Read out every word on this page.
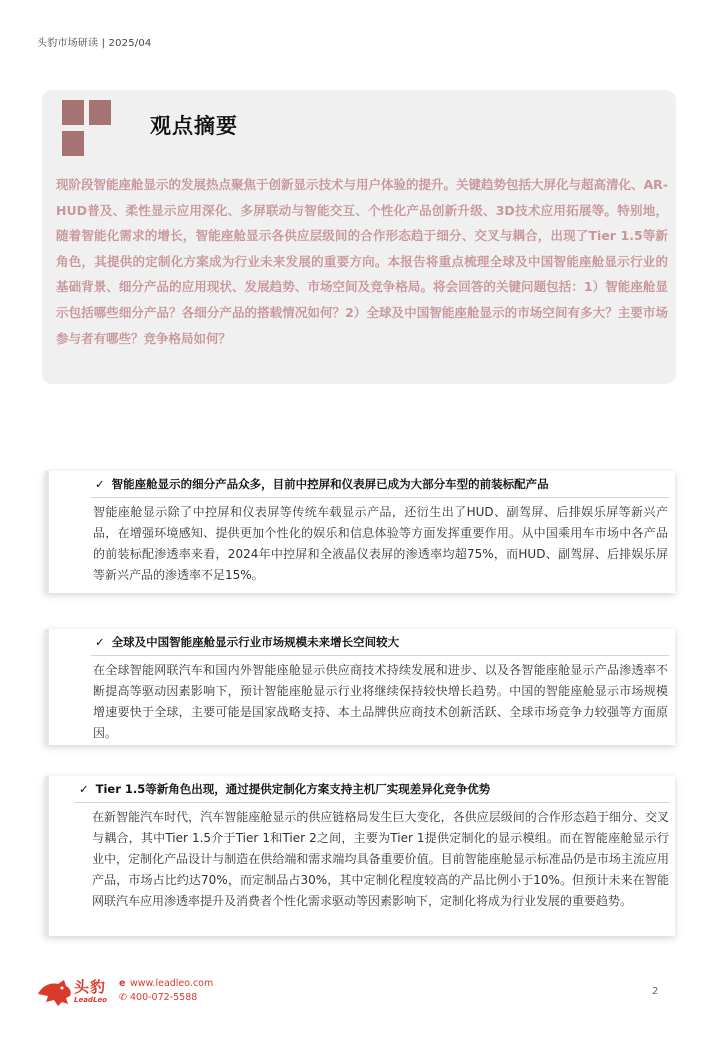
头豹市场研读 | 2025/04
观点摘要
现阶段智能座舱显示的发展热点聚焦于创新显示技术与用户体验的提升。关键趋势包括大屏化与超高清化、AR-HUD普及、柔性显示应用深化、多屏联动与智能交互、个性化产品创新升级、3D技术应用拓展等。特别地，随着智能化需求的增长，智能座舱显示各供应层级间的合作形态趋于细分、交叉与耦合，出现了Tier 1.5等新角色，其提供的定制化方案成为行业未来发展的重要方向。本报告将重点梳理全球及中国智能座舱显示行业的基础背景、细分产品的应用现状、发展趋势、市场空间及竞争格局。将会回答的关键问题包括：1）智能座舱显示包括哪些细分产品？各细分产品的搭载情况如何？2）全球及中国智能座舱显示的市场空间有多大？主要市场参与者有哪些？竞争格局如何？
✓ 智能座舱显示的细分产品众多，目前中控屏和仪表屏已成为大部分车型的前装标配产品
智能座舱显示除了中控屏和仪表屏等传统车载显示产品，还衍生出了HUD、副驾屏、后排娱乐屏等新兴产品，在增强环境感知、提供更加个性化的娱乐和信息体验等方面发挥重要作用。从中国乘用车市场中各产品的前装标配渗透率来看，2024年中控屏和全液晶仪表屏的渗透率均超75%，而HUD、副驾屏、后排娱乐屏等新兴产品的渗透率不足15%。
✓ 全球及中国智能座舱显示行业市场规模未来增长空间较大
在全球智能网联汽车和国内外智能座舱显示供应商技术持续发展和进步、以及各智能座舱显示产品渗透率不断提高等驱动因素影响下，预计智能座舱显示行业将继续保持较快增长趋势。中国的智能座舱显示市场规模增速要快于全球，主要可能是国家战略支持、本土品牌供应商技术创新活跃、全球市场竞争力较强等方面原因。
✓ Tier 1.5等新角色出现，通过提供定制化方案支持主机厂实现差异化竞争优势
在新智能汽车时代，汽车智能座舱显示的供应链格局发生巨大变化，各供应层级间的合作形态趋于细分、交叉与耦合，其中Tier 1.5介于Tier 1和Tier 2之间，主要为Tier 1提供定制化的显示模组。而在智能座舱显示行业中，定制化产品设计与制造在供给端和需求端均具备重要价值。目前智能座舱显示标准品仍是市场主流应用产品，市场占比约达70%，而定制品占30%，其中定制化程度较高的产品比例小于10%。但预计未来在智能网联汽车应用渗透率提升及消费者个性化需求驱动等因素影响下，定制化将成为行业发展的重要趋势。
头豹
LeadLeo
e www.leadleo.com
✆ 400-072-5588
2
